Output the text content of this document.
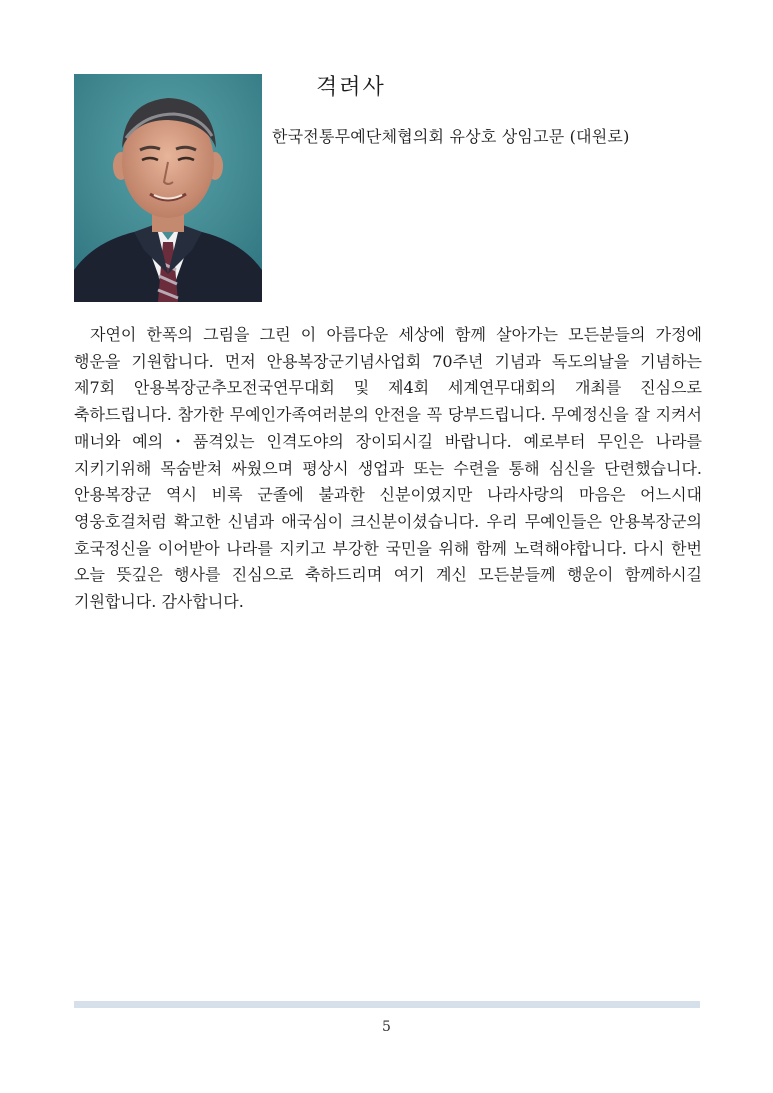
격려사
한국전통무예단체협의회 유상호 상임고문 (대원로)

자연이 한폭의 그림을 그린 이 아름다운 세상에 함께 살아가는 모든분들의 가정에 행운을 기원합니다. 먼저 안용복장군기념사업회 70주년 기념과 독도의날을 기념하는 제7회 안용복장군추모전국연무대회 및 제4회 세계연무대회의 개최를 진심으로 축하드립니다. 참가한 무예인가족여러분의 안전을 꼭 당부드립니다. 무예정신을 잘 지켜서 매너와 예의・품격있는 인격도야의 장이되시길 바랍니다. 예로부터 무인은 나라를 지키기위해 목숨받쳐 싸웠으며 평상시 생업과 또는 수련을 통해 심신을 단련했습니다. 안용복장군 역시 비록 군졸에 불과한 신분이였지만 나라사랑의 마음은 어느시대 영웅호걸처럼 확고한 신념과 애국심이 크신분이셨습니다. 우리 무예인들은 안용복장군의 호국정신을 이어받아 나라를 지키고 부강한 국민을 위해 함께 노력해야합니다. 다시 한번 오늘 뜻깊은 행사를 진심으로 축하드리며 여기 계신 모든분들께 행운이 함께하시길 기원합니다. 감사합니다.

5
